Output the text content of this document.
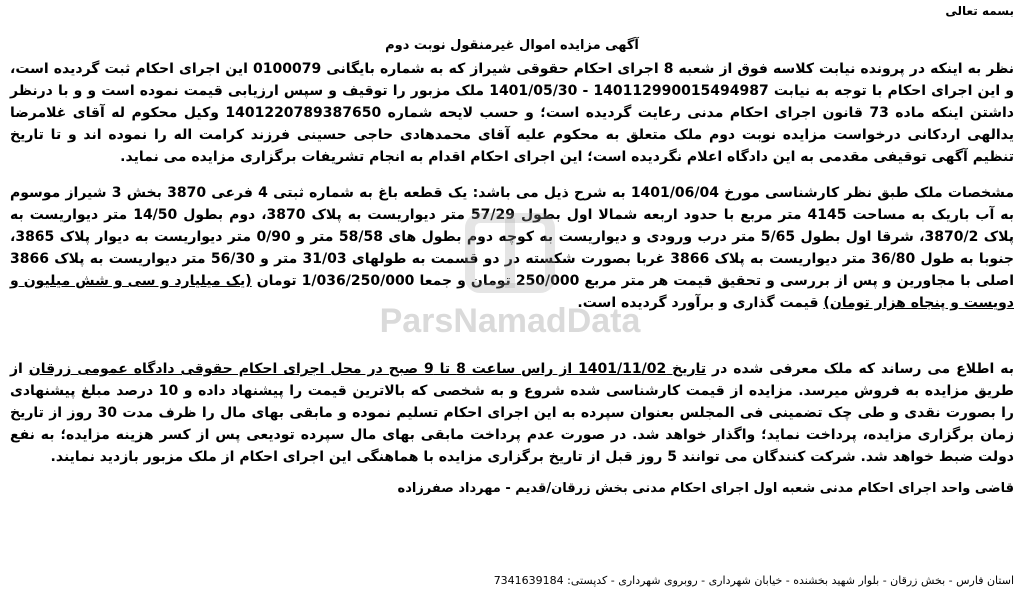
بسمه تعالی
آگهی مزایده اموال غیرمنقول نوبت دوم
نظر به اینکه در پرونده نیابت کلاسه فوق از شعبه 8 اجرای احکام حقوقی شیراز که به شماره بایگانی 0100079 این اجرای احکام ثبت گردیده است، و این اجرای احکام با توجه به نیابت 14011299001549498‌7 - 1401/05/30 ملک مزبور را توقیف و سپس ارزیابی قیمت نموده است و و با درنظر داشتن اینکه ماده 73 قانون اجرای احکام مدنی رعایت گردیده است؛ و حسب لایحه شماره 140122078938765‌0 وکیل محکوم له آقای غلامرضا یدالهی اردکانی درخواست مزایده نوبت دوم ملک متعلق به محکوم علیه آقای محمدهادی حاجی حسینی فرزند کرامت اله را نموده اند و تا تاریخ تنظیم آگهی توقیفی مقدمی به این دادگاه اعلام نگردیده است؛ این اجرای احکام اقدام به انجام تشریفات برگزاری مزایده می نماید.
مشخصات ملک طبق نظر کارشناسی مورخ 1401/06/04 به شرح ذیل می باشد: یک قطعه باغ به شماره ثبتی 4 فرعی 3870 بخش 3 شیراز موسوم به آب باریک به مساحت 4145 متر مربع با حدود اربعه شمالا اول بطول 57/29 متر دیواریست به پلاک 3870، دوم بطول 14/50 متر دیواریست به پلاک 3870/2، شرقا اول بطول 5/65 متر درب ورودی و دیواریست به کوچه دوم بطول های 58/58 متر و 0/90 متر دیواریست به دیوار پلاک 3865، جنوبا به طول 36/80 متر دیواریست به پلاک 3866 غربا بصورت شکسته در دو قسمت به طولهای 31/03 متر و 56/30 متر دیواریست به پلاک 3866 اصلی با مجاورین و پس از بررسی و تحقیق قیمت هر متر مربع 250/000 تومان و جمعا 1/036/250/000 تومان (یک میلیارد و سی و شش میلیون و دویست و پنجاه هزار تومان) قیمت گذاری و برآورد گردیده است.
به اطلاع می رساند که ملک معرفی شده در تاریخ 1401/11/02 از راس ساعت 8 تا 9 صبح در محل اجرای احکام حقوقی دادگاه عمومی زرقان از طریق مزایده به فروش میرسد. مزایده از قیمت کارشناسی شده شروع و به شخصی که بالاترین قیمت را پیشنهاد داده و 10 درصد مبلغ پیشنهادی را بصورت نقدی و طی چک تضمینی فی المجلس بعنوان سپرده به این اجرای احکام تسلیم نموده و مابقی بهای مال را ظرف مدت 30 روز از تاریخ زمان برگزاری مزایده، پرداخت نماید؛ واگذار خواهد شد. در صورت عدم پرداخت مابقی بهای مال سپرده تودیعی پس از کسر هزینه مزایده؛ به نفع دولت ضبط خواهد شد. شرکت کنندگان می توانند 5 روز قبل از تاریخ برگزاری مزایده با هماهنگی این اجرای احکام از ملک مزبور بازدید نمایند.
قاضی واحد اجرای احکام مدنی شعبه اول اجرای احکام مدنی بخش زرقان/قدیم - مهرداد صفرزاده
استان فارس - بخش زرقان - بلوار شهید بخشنده - خیابان شهرداری - روبروی شهرداری - کدپستی: 7341639184
ParsNamadData
